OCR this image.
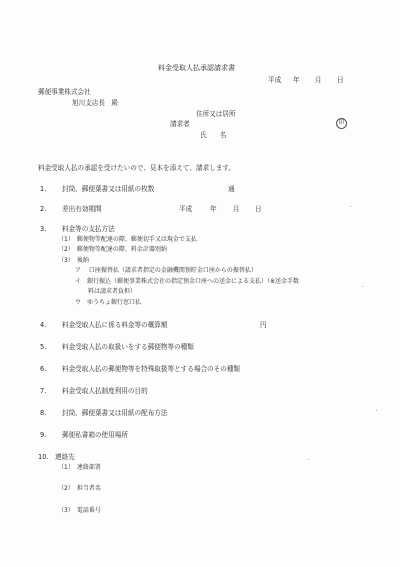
料金受取人払承認請求書
平成 年 月 日
郵便事業株式会社
旭川支店長　殿
住所又は居所
請求者
氏　　名
印
料金受取人払の承認を受けたいので、見本を添えて、請求します。
1. 封筒、郵便葉書又は用紙の枚数	通
2. 差出有効期間	平成	年 月 日
3. 料金等の支払方法
（1）　郵便物等配達の際、郵便切手又は現金で支払
（2）　郵便物等配達の際、料金計器別納
（3）　後納
ア　 口座振替払（請求者指定の金融機関預貯金口座からの振替払）
イ　銀行振込（郵便事業株式会社の指定預金口座への送金による支払）（※送金手数
料は請求者負担）
ウ　ゆうちょ銀行窓口払
4. 料金受取人払に係る料金等の概算額	円
5. 料金受取人払の取扱いをする郵便物等の種類
6. 料金受取人払の郵便物等を特殊取扱等とする場合のその種類
7. 料金受取人払制度利用の目的
8. 封筒、郵便葉書又は用紙の配布方法
9. 郵便私書箱の使用場所
10. 連絡先
（1）　連絡部署
（2）　担当者名
（3）　電話番号
